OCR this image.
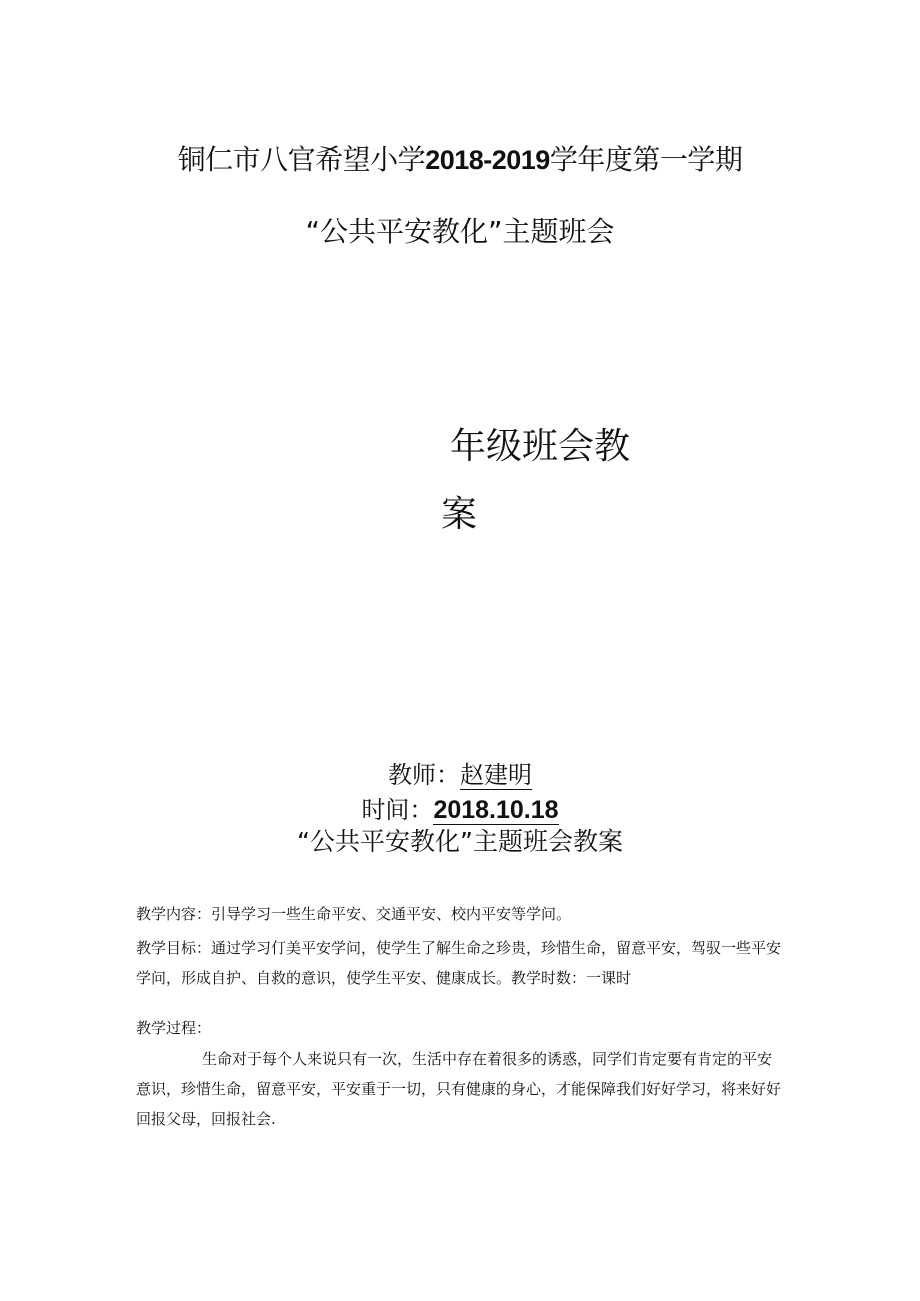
铜仁市八官希望小学2018-2019学年度第一学期
“公共平安教化”主题班会
年级班会教
案
教师：赵建明
时间：2018.10.18
“公共平安教化”主题班会教案

教学内容：引导学习一些生命平安、交通平安、校内平安等学问。

教学目标：通过学习仃美平安学问，使学生了解生命之珍贵，珍惜生命，留意平安，驾驭一些平安学问，形成自护、自救的意识，使学生平安、健康成长。教学时数：一课时

教学过程：

生命对于每个人来说只有一次，生活中存在着很多的诱惑，同学们肯定要有肯定的平安意识，珍惜生命，留意平安，平安重于一切，只有健康的身心，才能保障我们好好学习，将来好好回报父母，回报社会.
